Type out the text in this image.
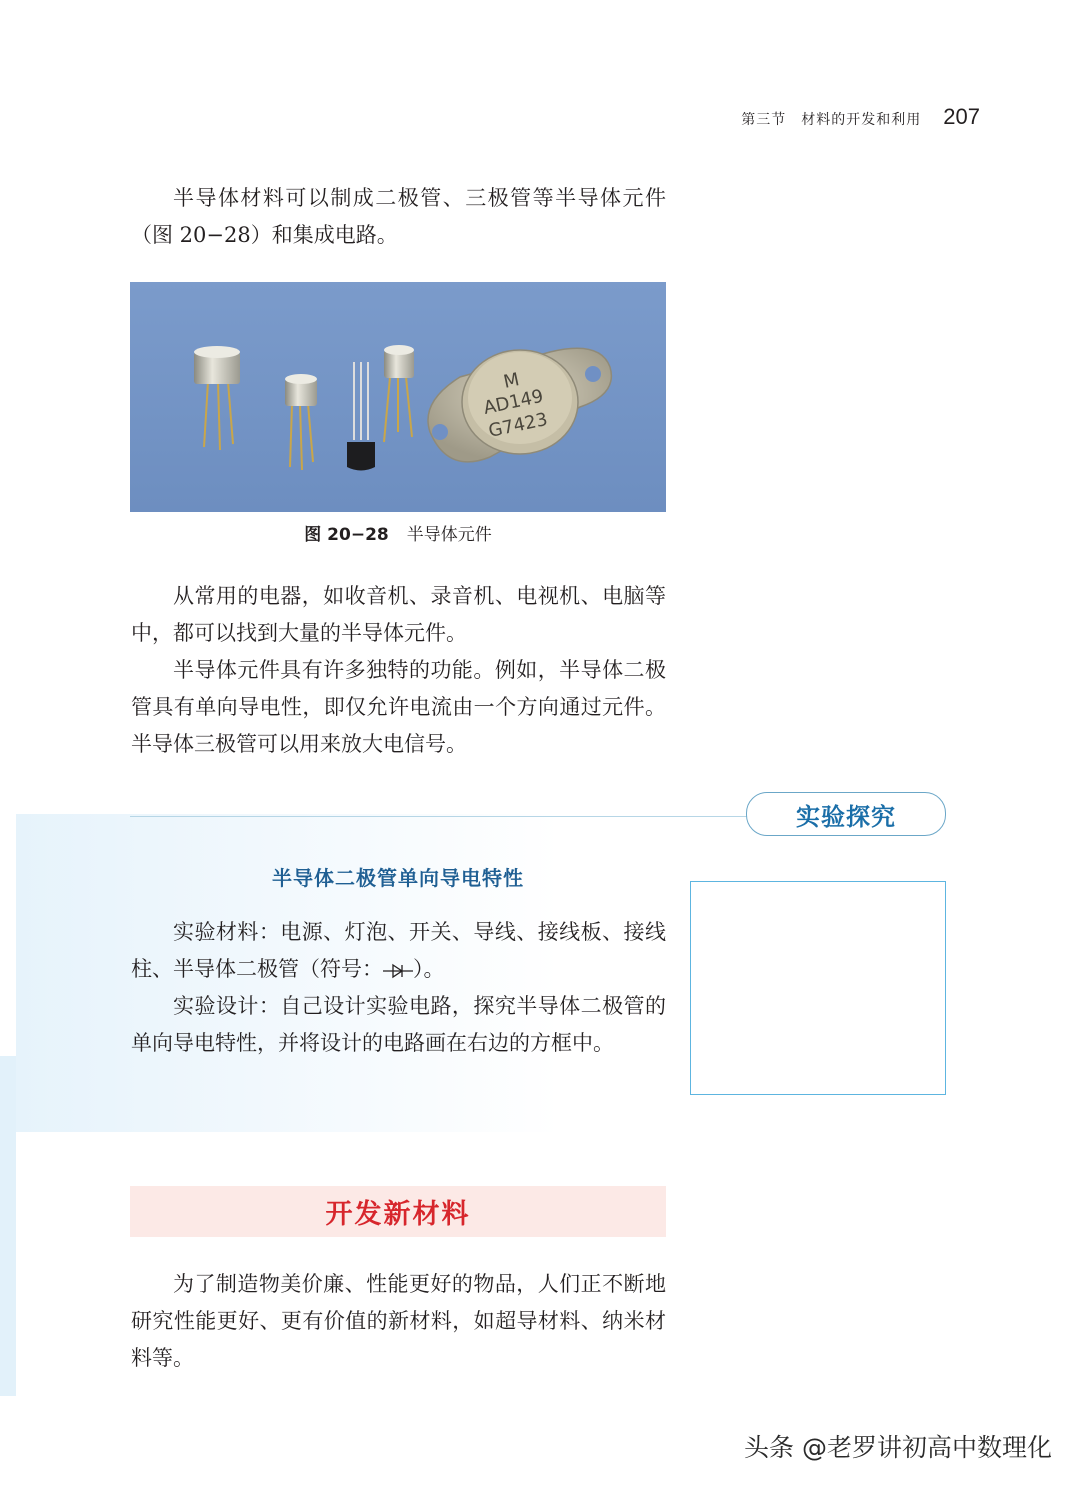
第三节　材料的开发和利用 207

半导体材料可以制成二极管、三极管等半导体元件（图 20−28）和集成电路。

M
AD149
G7423
图 20−28 半导体元件

从常用的电器，如收音机、录音机、电视机、电脑等中，都可以找到大量的半导体元件。

半导体元件具有许多独特的功能。例如，半导体二极管具有单向导电性，即仅允许电流由一个方向通过元件。半导体三极管可以用来放大电信号。

实验探究
半导体二极管单向导电特性

实验材料：电源、灯泡、开关、导线、接线板、接线柱、半导体二极管（符号： ）。

实验设计：自己设计实验电路，探究半导体二极管的单向导电特性，并将设计的电路画在右边的方框中。

开发新材料

为了制造物美价廉、性能更好的物品，人们正不断地研究性能更好、更有价值的新材料，如超导材料、纳米材料等。

头条 @老罗讲初高中数理化
